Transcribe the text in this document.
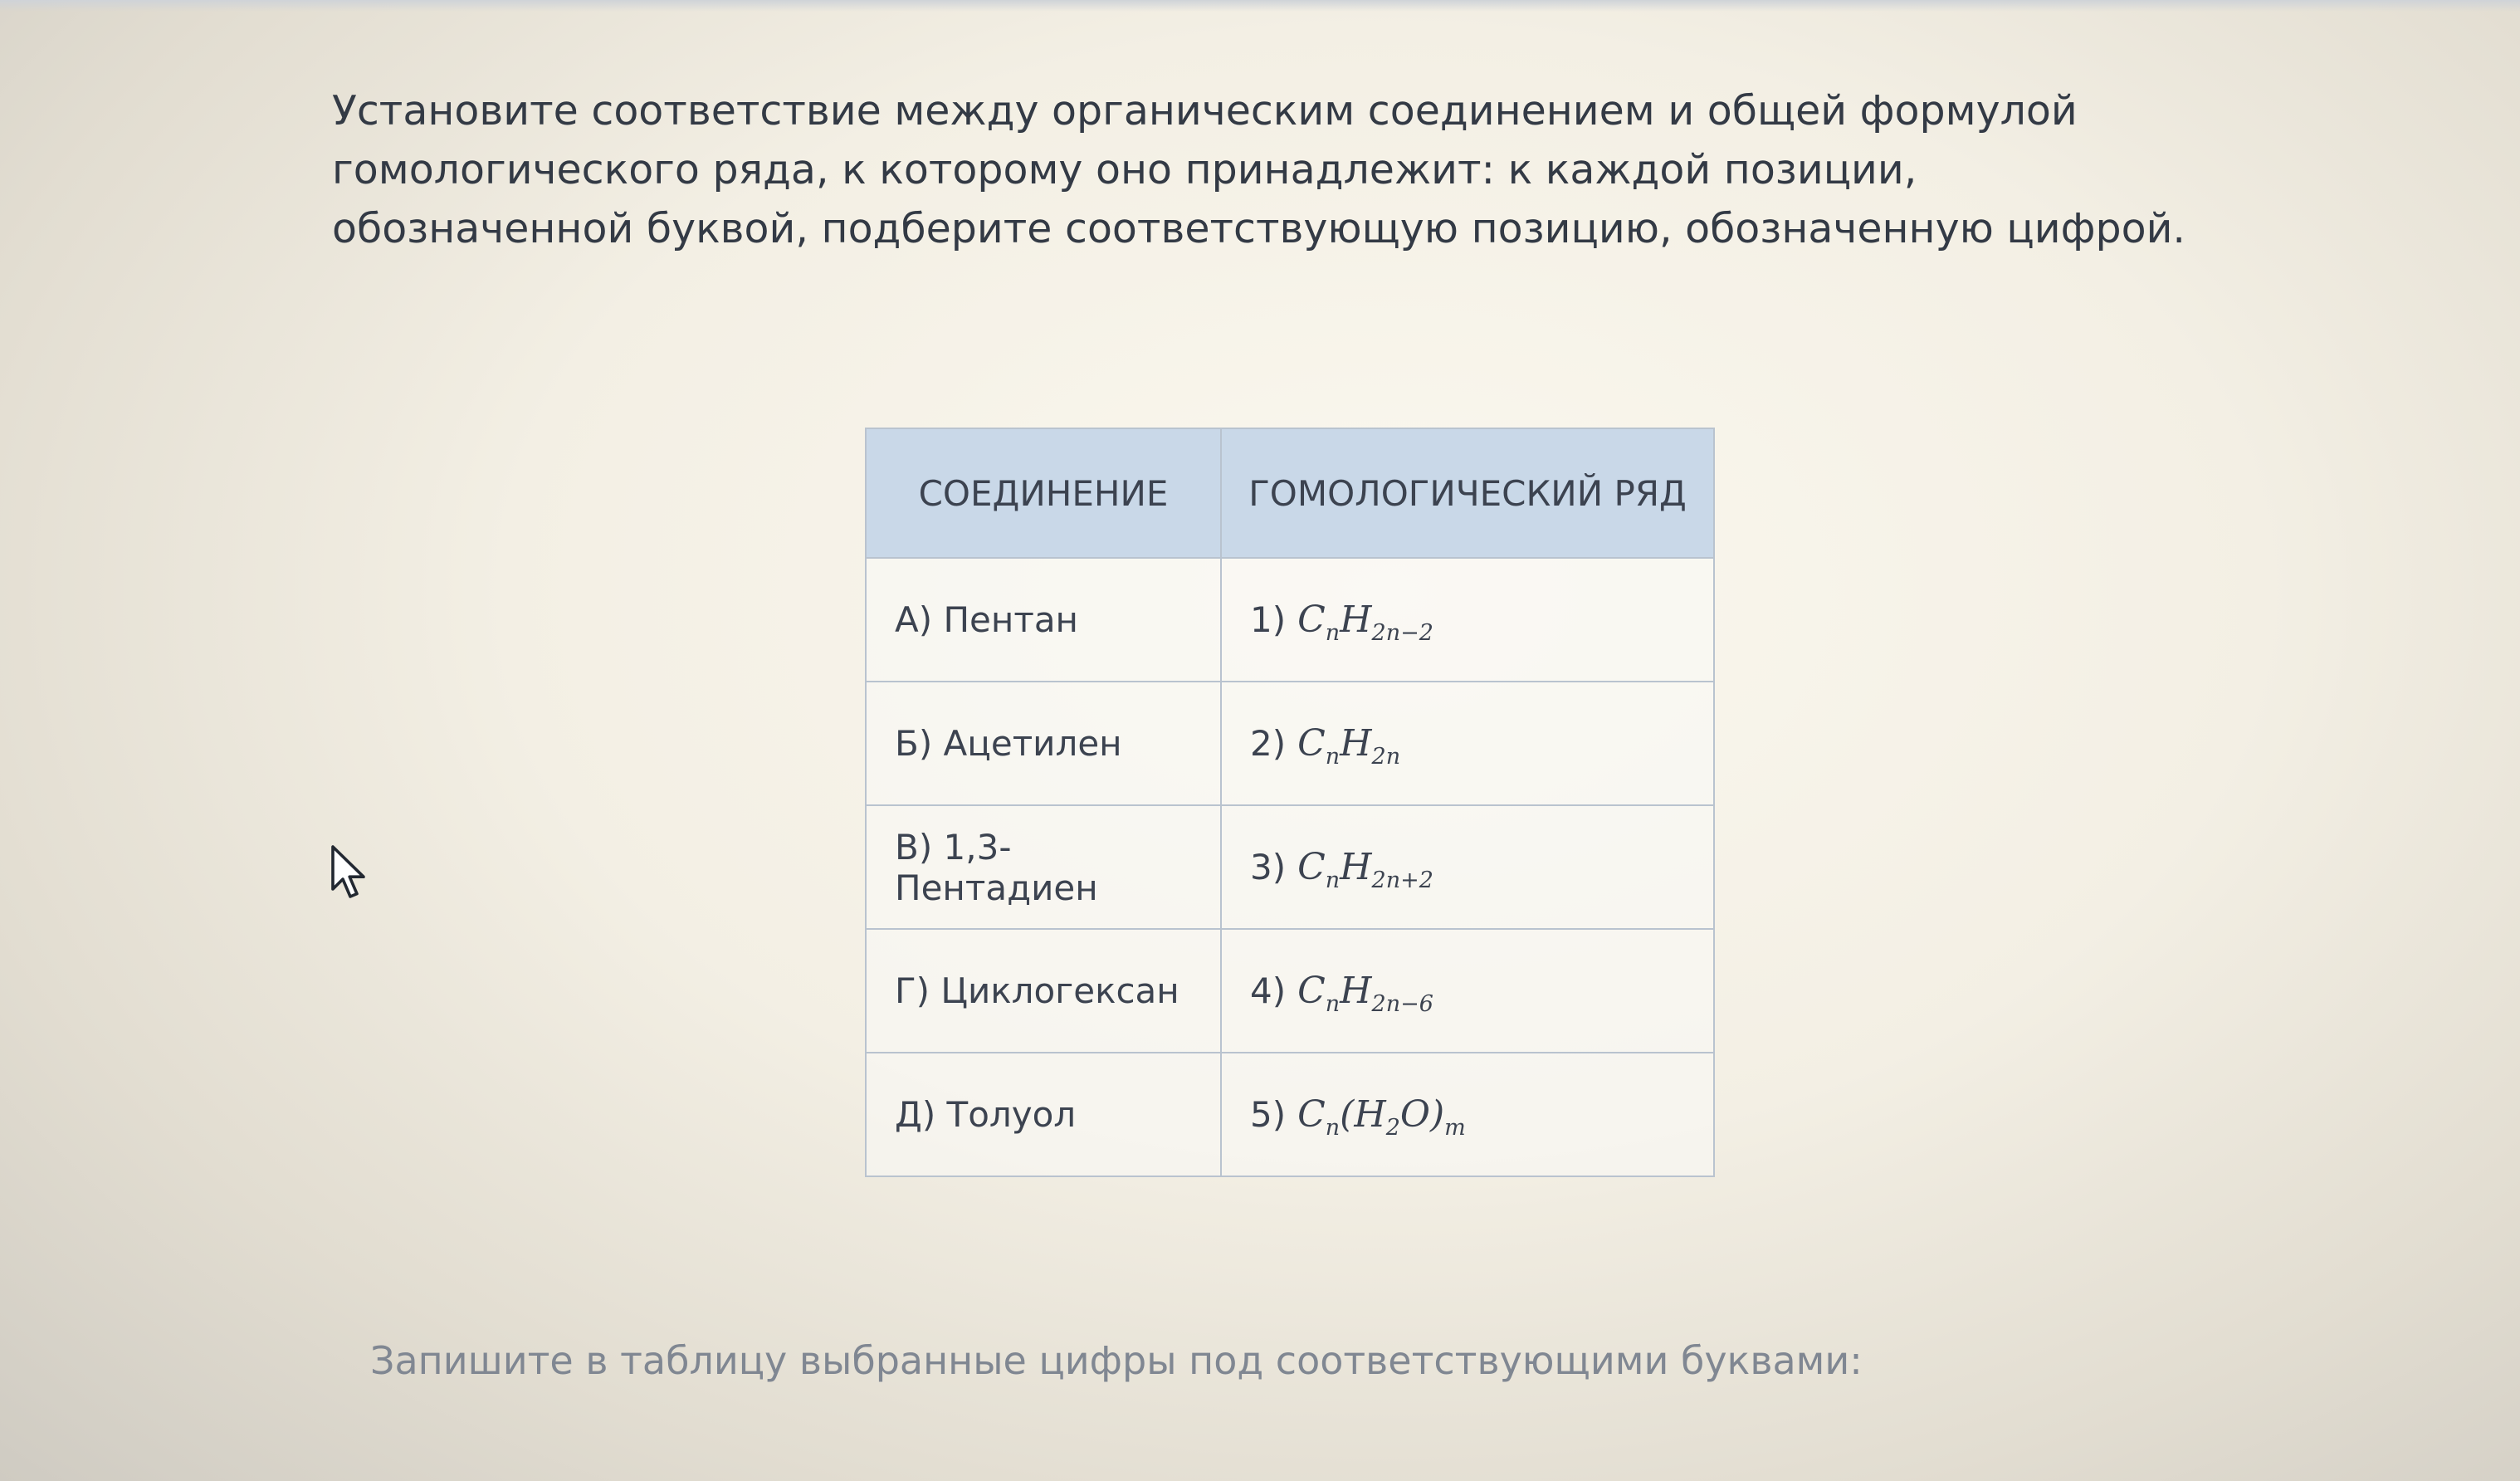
Установите соответствие между органическим соединением и общей формулой гомологического ряда, к которому оно принадлежит: к каждой позиции, обозначенной буквой, подберите соответствующую позицию, обозначенную цифрой.

СОЕДИНЕНИЕ	ГОМОЛОГИЧЕСКИЙ РЯД
А) Пентан	1) $C_nH_{2n-2}$
Б) Ацетилен	2) $C_nH_{2n}$
В) 1,3-Пентадиен	3) $C_nH_{2n+2}$
Г) Циклогексан	4) $C_nH_{2n-6}$
Д) Толуол	5) $C_n(H_2O)_m$

Запишите в таблицу выбранные цифры под соответствующими буквами:
